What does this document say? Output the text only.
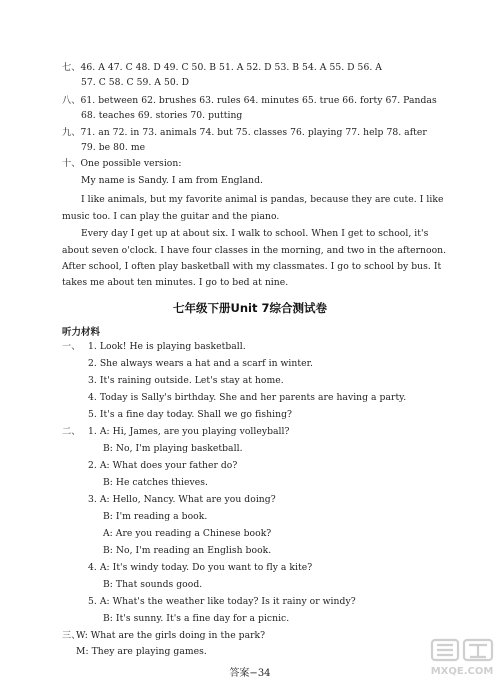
七、46. A 47. C 48. D 49. C 50. B 51. A 52. D 53. B 54. A 55. D 56. A
57. C 58. C 59. A 50. D
八、61. between 62. brushes 63. rules 64. minutes 65. true 66. forty 67. Pandas
68. teaches 69. stories 70. putting
九、71. an 72. in 73. animals 74. but 75. classes 76. playing 77. help 78. after
79. be 80. me
十、One possible version:
My name is Sandy. I am from England.
I like animals, but my favorite animal is pandas, because they are cute. I like
music too. I can play the guitar and the piano.
Every day I get up at about six. I walk to school. When I get to school, it's
about seven o'clock. I have four classes in the morning, and two in the afternoon.
After school, I often play basketball with my classmates. I go to school by bus. It
takes me about ten minutes. I go to bed at nine.
七年级下册Unit 7综合测试卷
听力材料
一、 1. Look! He is playing basketball.
2. She always wears a hat and a scarf in winter.
3. It's raining outside. Let's stay at home.
4. Today is Sally's birthday. She and her parents are having a party.
5. It's a fine day today. Shall we go fishing?
二、 1. A: Hi, James, are you playing volleyball?
B: No, I'm playing basketball.
2. A: What does your father do?
B: He catches thieves.
3. A: Hello, Nancy. What are you doing?
B: I'm reading a book.
A: Are you reading a Chinese book?
B: No, I'm reading an English book.
4. A: It's windy today. Do you want to fly a kite?
B: That sounds good.
5. A: What's the weather like today? Is it rainy or windy?
B: It's sunny. It's a fine day for a picnic.
三、
W: What are the girls doing in the park?
M: They are playing games.
答案−34	MXQE.COM
